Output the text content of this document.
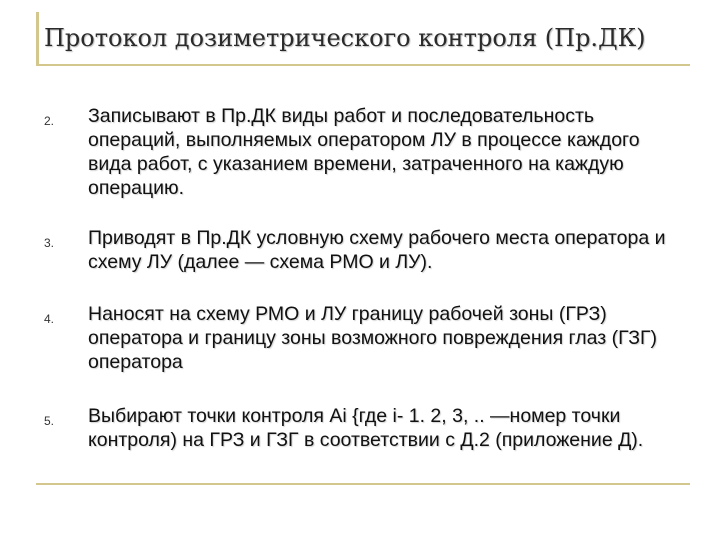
Протокол дозиметрического контроля (Пр.ДК)
2. Записывают в Пр.ДК виды работ и последовательность операций, выполняемых оператором ЛУ в процессе каждого вида работ, с указанием времени, затраченного на каждую операцию.
3. Приводят в Пр.ДК условную схему рабочего места оператора и схему ЛУ (далее — схема РМО и ЛУ).
4. Наносят на схему РМО и ЛУ границу рабочей зоны (ГРЗ) оператора и границу зоны возможного повреждения глаз (ГЗГ) оператора
5. Выбирают точки контроля Аi {где i- 1. 2, 3, .. —номер точки контроля) на ГРЗ и ГЗГ в соответствии с Д.2 (приложение Д).
